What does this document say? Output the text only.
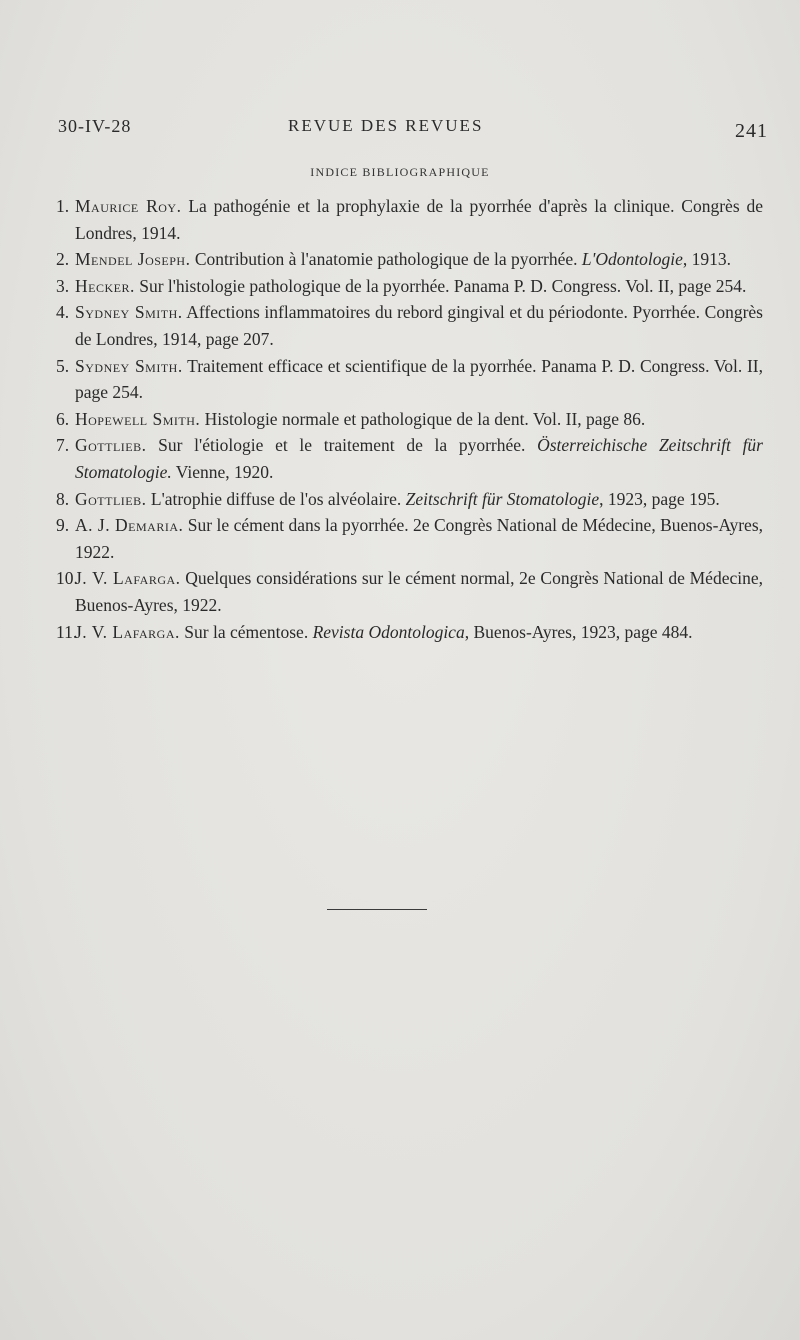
30-IV-28	REVUE DES REVUES	241
INDICE BIBLIOGRAPHIQUE
1. Maurice Roy. La pathogénie et la prophylaxie de la pyorrhée d'après la clinique. Congrès de Londres, 1914.
2. Mendel Joseph. Contribution à l'anatomie pathologique de la pyorrhée. L'Odontologie, 1913.
3. Hecker. Sur l'histologie pathologique de la pyorrhée. Panama P. D. Congress. Vol. II, page 254.
4. Sydney Smith. Affections inflammatoires du rebord gingival et du périodonte. Pyorrhée. Congrès de Londres, 1914, page 207.
5. Sydney Smith. Traitement efficace et scientifique de la pyorrhée. Panama P. D. Congress. Vol. II, page 254.
6. Hopewell Smith. Histologie normale et pathologique de la dent. Vol. II, page 86.
7. Gottlieb. Sur l'étiologie et le traitement de la pyorrhée. Österreichische Zeitschrift für Stomatologie. Vienne, 1920.
8. Gottlieb. L'atrophie diffuse de l'os alvéolaire. Zeitschrift für Stomatologie, 1923, page 195.
9. A. J. Demaria. Sur le cément dans la pyorrhée. 2e Congrès National de Médecine, Buenos-Ayres, 1922.
10.
J. V. Lafarga. Quelques considérations sur le cément normal, 2e Congrès National de Médecine, Buenos-Ayres, 1922.
11.
J. V. Lafarga. Sur la cémentose. Revista Odontologica, Buenos-Ayres, 1923, page 484.
